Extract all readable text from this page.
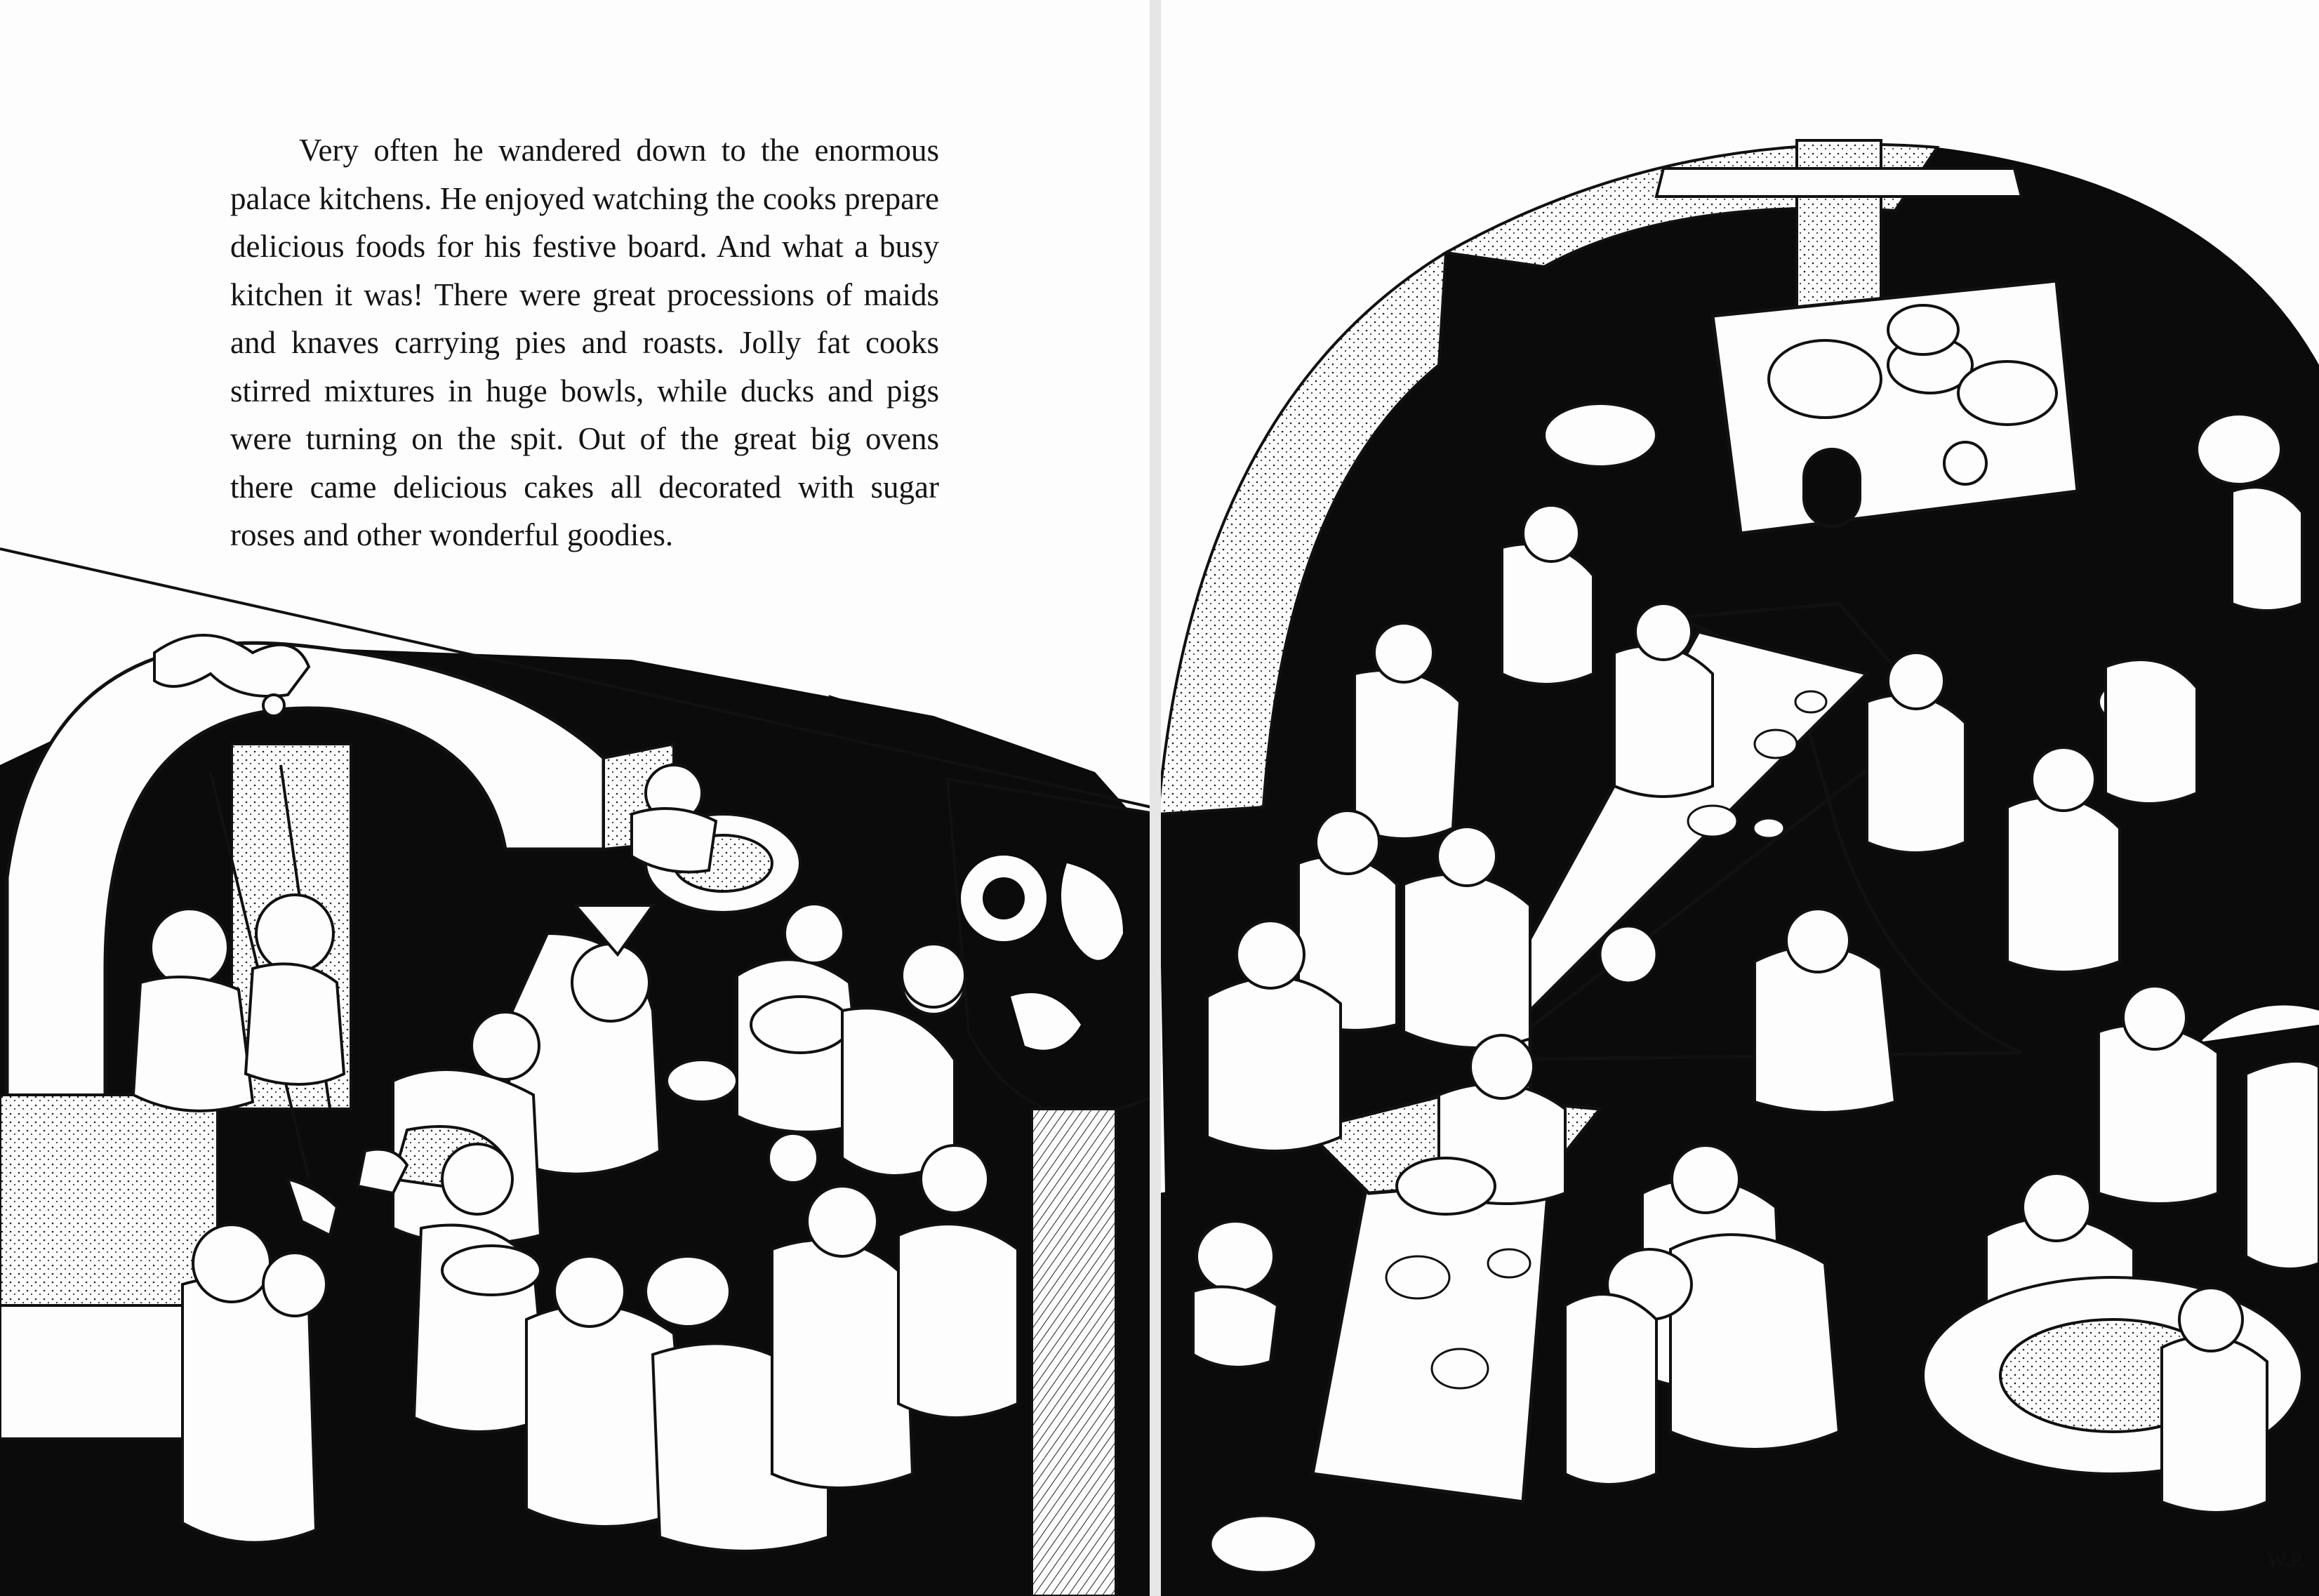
W.P.

Very often he wandered down to the enormous palace kitchens. He enjoyed watching the cooks prepare delicious foods for his festive board. And what a busy kitchen it was! There were great processions of maids and knaves carrying pies and roasts. Jolly fat cooks stirred mixtures in huge bowls, while ducks and pigs were turning on the spit. Out of the great big ovens there came delicious cakes all decorated with sugar roses and other wonderful goodies.
